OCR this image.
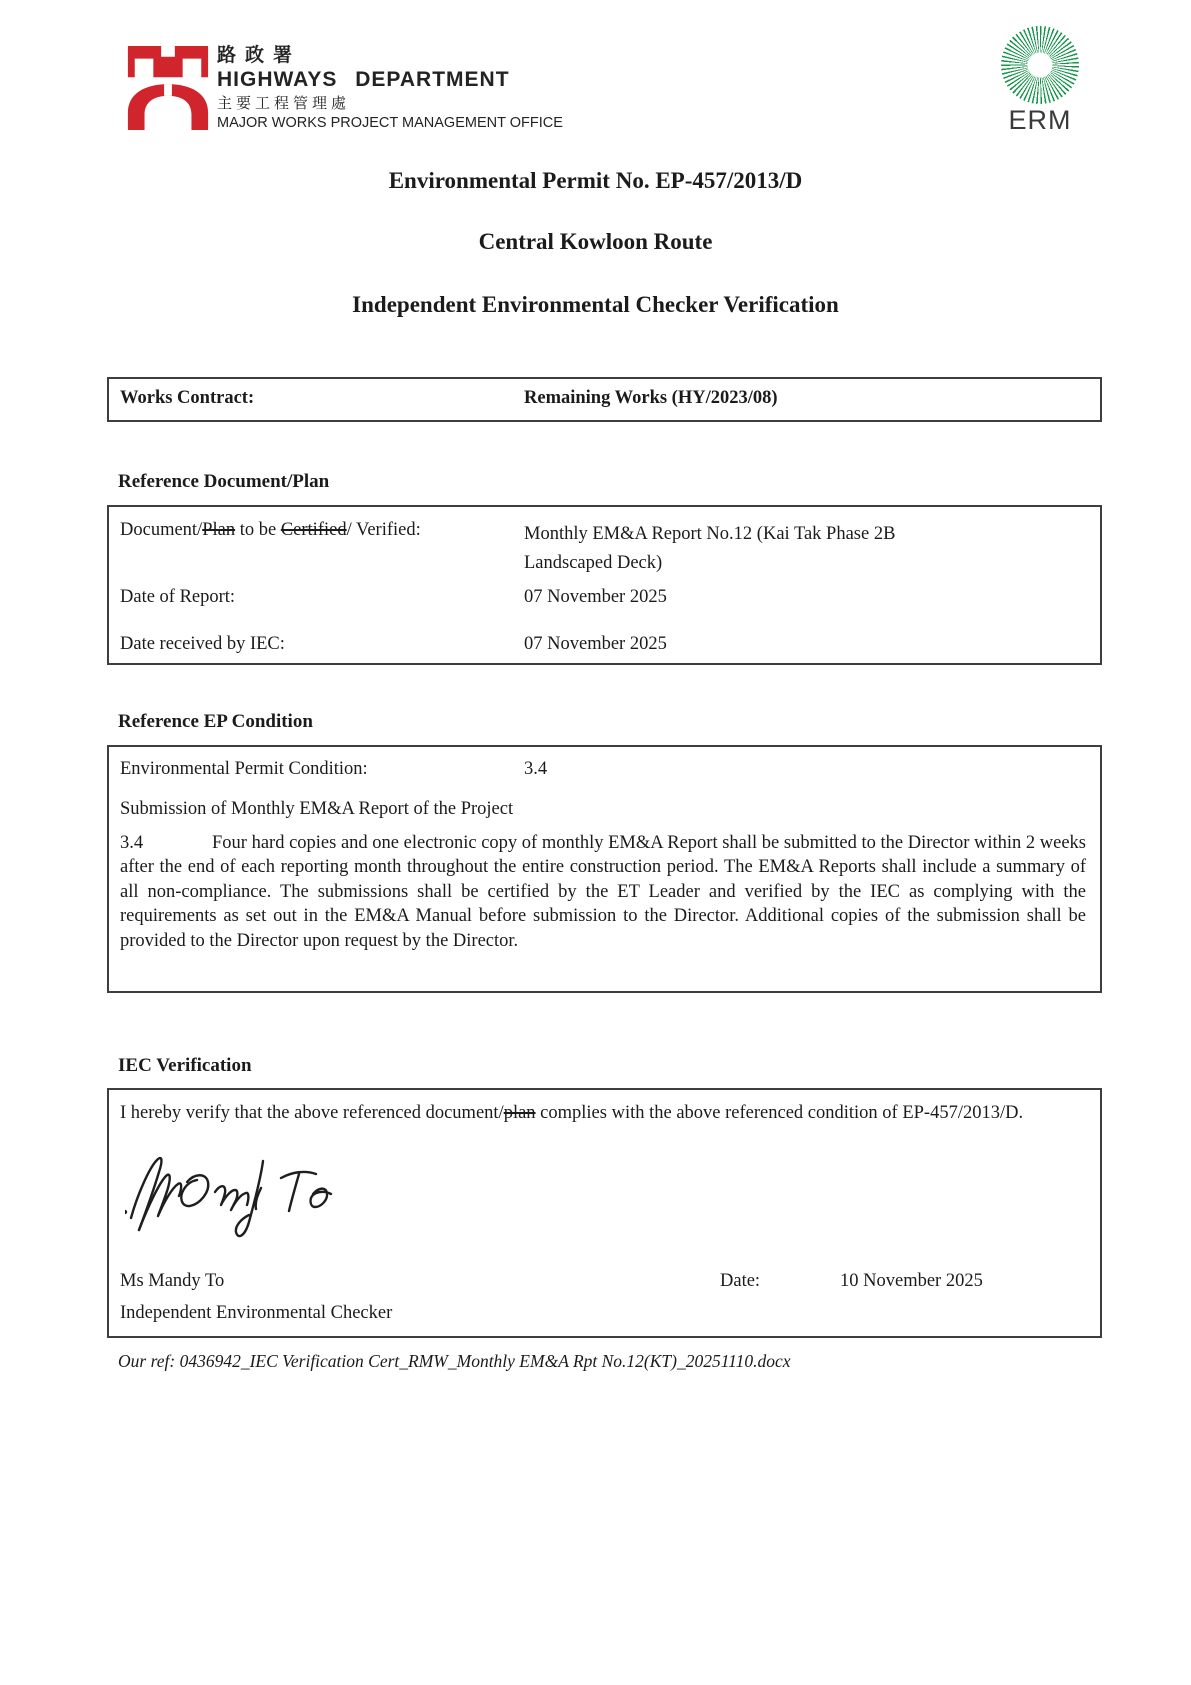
路政署
HIGHWAYS DEPARTMENT
主要工程管理處
MAJOR WORKS PROJECT MANAGEMENT OFFICE	ERM
Environmental Permit No. EP-457/2013/D
Central Kowloon Route
Independent Environmental Checker Verification
Works Contract:	Remaining Works (HY/2023/08)
Reference Document/Plan
Document/Plan to be Certified/ Verified:	Monthly EM&A Report No.12 (Kai Tak Phase 2B Landscaped Deck)
Date of Report:	07 November 2025
Date received by IEC:	07 November 2025
Reference EP Condition
Environmental Permit Condition:	3.4
Submission of Monthly EM&A Report of the Project
3.4	Four hard copies and one electronic copy of monthly EM&A Report shall be submitted to the Director within 2 weeks after the end of each reporting month throughout the entire construction period. The EM&A Reports shall include a summary of all non-compliance. The submissions shall be certified by the ET Leader and verified by the IEC as complying with the requirements as set out in the EM&A Manual before submission to the Director. Additional copies of the submission shall be provided to the Director upon request by the Director.
IEC Verification
I hereby verify that the above referenced document/plan complies with the above referenced condition of EP-457/2013/D.
Ms Mandy To	Date:	10 November 2025
Independent Environmental Checker
Our ref: 0436942_IEC Verification Cert_RMW_Monthly EM&A Rpt No.12(KT)_20251110.docx
